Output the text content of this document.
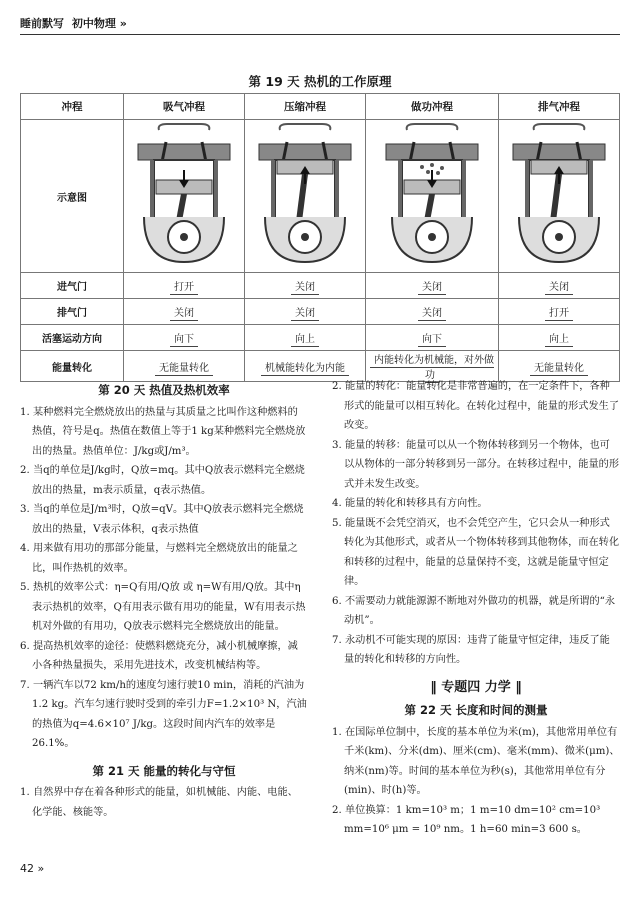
睡前默写 初中物理 »
第 19 天 热机的工作原理
冲程	吸气冲程	压缩冲程	做功冲程	排气冲程
示意图				
进气门	打开	关闭	关闭	关闭
排气门	关闭	关闭	关闭	打开
活塞运动方向	向下	向上	向下	向上
能量转化	无能量转化	机械能转化为内能	内能转化为机械能，对外做功	无能量转化
第 20 天 热值及热机效率

1. 某种燃料完全燃烧放出的热量与其质量之比叫作这种燃料的热值，符号是q。热值在数值上等于1 kg某种燃料完全燃烧放出的热量。热值单位：J/kg或J/m³。

2. 当q的单位是J/kg时，Q放=mq。其中Q放表示燃料完全燃烧放出的热量，m表示质量，q表示热值。

3. 当q的单位是J/m³时，Q放=qV。其中Q放表示燃料完全燃烧放出的热量，V表示体积，q表示热值

4. 用来做有用功的那部分能量，与燃料完全燃烧放出的能量之比，叫作热机的效率。

5. 热机的效率公式：η=Q有用/Q放 或 η=W有用/Q放。其中η表示热机的效率，Q有用表示做有用功的能量，W有用表示热机对外做的有用功，Q放表示燃料完全燃烧放出的能量。

6. 提高热机效率的途径：使燃料燃烧充分，减小机械摩擦，减小各种热量损失，采用先进技术，改变机械结构等。

7. 一辆汽车以72 km/h的速度匀速行驶10 min，消耗的汽油为1.2 kg。汽车匀速行驶时受到的牵引力F=1.2×10³ N，汽油的热值为q=4.6×10⁷ J/kg。这段时间内汽车的效率是26.1%。

第 21 天 能量的转化与守恒

1. 自然界中存在着各种形式的能量，如机械能、内能、电能、化学能、核能等。

2. 能量的转化：能量转化是非常普遍的，在一定条件下，各种形式的能量可以相互转化。在转化过程中，能量的形式发生了改变。

3. 能量的转移：能量可以从一个物体转移到另一个物体，也可以从物体的一部分转移到另一部分。在转移过程中，能量的形式并未发生改变。

4. 能量的转化和转移具有方向性。

5. 能量既不会凭空消灭，也不会凭空产生，它只会从一种形式转化为其他形式，或者从一个物体转移到其他物体，而在转化和转移的过程中，能量的总量保持不变，这就是能量守恒定律。

6. 不需要动力就能源源不断地对外做功的机器，就是所谓的“永动机”。

7. 永动机不可能实现的原因：违背了能量守恒定律，违反了能量的转化和转移的方向性。

‖ 专题四 力学 ‖
第 22 天 长度和时间的测量

1. 在国际单位制中，长度的基本单位为米(m)，其他常用单位有千米(km)、分米(dm)、厘米(cm)、毫米(mm)、微米(μm)、纳米(nm)等。时间的基本单位为秒(s)，其他常用单位有分(min)、时(h)等。

2. 单位换算：1 km=10³ m；1 m=10 dm=10² cm=10³ mm=10⁶ μm = 10⁹ nm。1 h=60 min=3 600 s。

42 »
